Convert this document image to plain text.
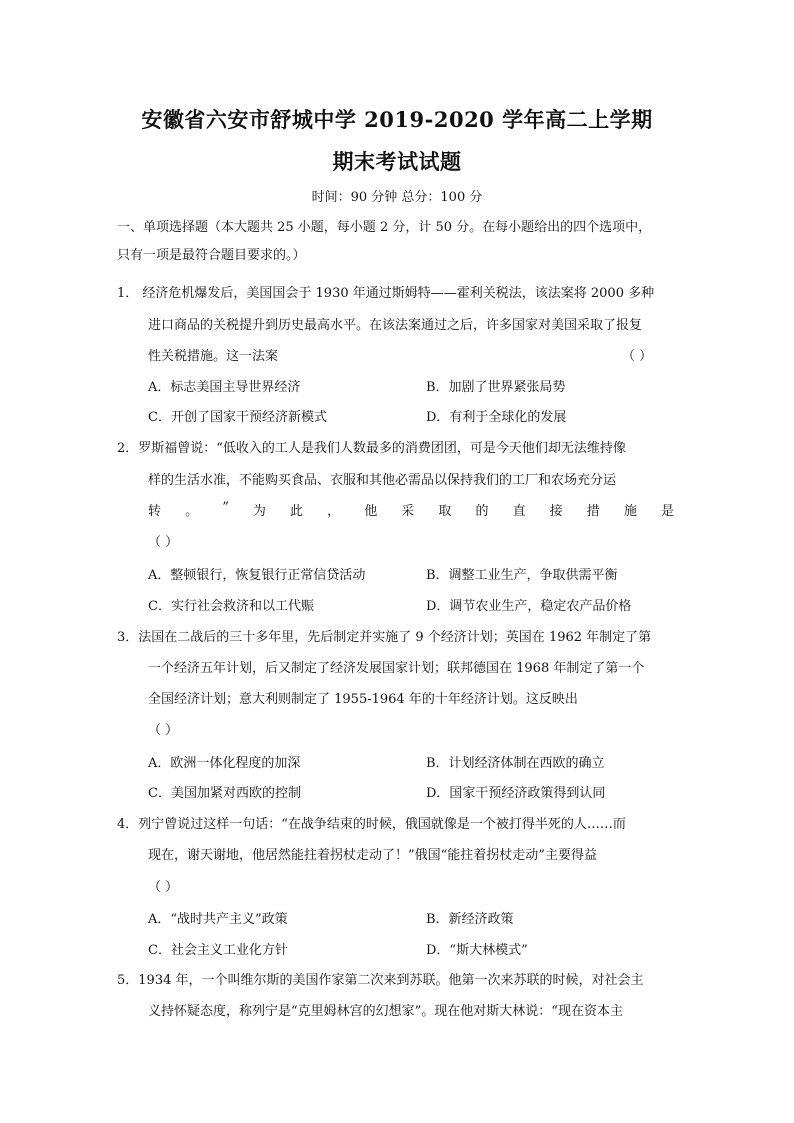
安徽省六安市舒城中学 2019-2020 学年高二上学期
期末考试试题
时间：90 分钟 总分：100 分
一、单项选择题（本大题共 25 小题，每小题 2 分，计 50 分。在每小题给出的四个选项中，
只有一项是最符合题目要求的。）
1． 经济危机爆发后，美国国会于 1930 年通过斯姆特——霍利关税法，该法案将 2000 多种
进口商品的关税提升到历史最高水平。在该法案通过之后，许多国家对美国采取了报复
性关税措施。这一法案	（ ）
A．标志美国主导世界经济	B．加剧了世界紧张局势
C．开创了国家干预经济新模式	D．有利于全球化的发展
2．罗斯福曾说：“低收入的工人是我们人数最多的消费团团，可是今天他们却无法维持像
样的生活水准，不能购买食品、衣服和其他必需品以保持我们的工厂和农场充分运
转 。 ” 为 此 ， 他 采 取 的 直 接 措 施 是
（ ）
A．整顿银行，恢复银行正常信贷活动	B．调整工业生产，争取供需平衡
C．实行社会救济和以工代赈	D．调节农业生产，稳定农产品价格
3．法国在二战后的三十多年里，先后制定并实施了 9 个经济计划；英国在 1962 年制定了第
一个经济五年计划，后又制定了经济发展国家计划；联邦德国在 1968 年制定了第一个
全国经济计划；意大利则制定了 1955-1964 年的十年经济计划。这反映出
（ ）
A．欧洲一体化程度的加深	B．计划经济体制在西欧的确立
C．美国加紧对西欧的控制	D．国家干预经济政策得到认同
4．列宁曾说过这样一句话：“在战争结束的时候，俄国就像是一个被打得半死的人……而
现在，谢天谢地，他居然能拄着拐杖走动了！”俄国“能拄着拐杖走动”主要得益
（ ）
A．“战时共产主义”政策	B．新经济政策
C．社会主义工业化方针	D．“斯大林模式”
5．1934 年，一个叫维尔斯的美国作家第二次来到苏联。他第一次来苏联的时候，对社会主
义持怀疑态度，称列宁是“克里姆林宫的幻想家”。现在他对斯大林说：“现在资本主
